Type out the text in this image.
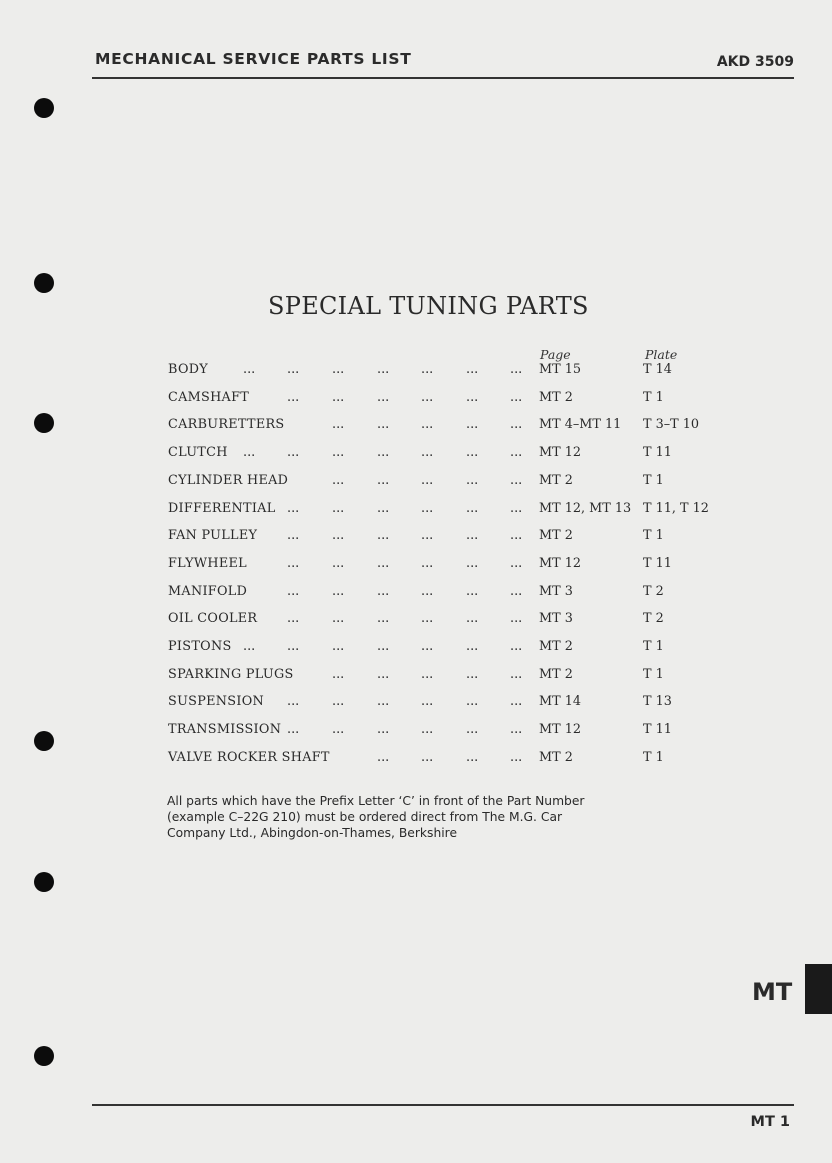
MECHANICAL SERVICE PARTS LIST	AKD 3509
SPECIAL TUNING PARTS
Page	Plate
BODY	... ...	...	... ...	... ... MT 15	T 14
CAMSHAFT	...	...	... ...	... ... MT 2	T 1
CARBURETTERS	...	... ...	... ... MT 4–MT 11 T 3–T 10
CLUTCH ... ...	...	... ...	... ... MT 12	T 11
CYLINDER HEAD	...	... ...	... ... MT 2	T 1
DIFFERENTIAL ...	...	... ...	... ... MT 12, MT 13 T 11, T 12
FAN PULLEY ...	...	... ...	... ... MT 2	T 1
FLYWHEEL	...	...	... ...	... ... MT 12	T 11
MANIFOLD	...	...	... ...	... ... MT 3	T 2
OIL COOLER ...	...	... ...	... ... MT 3	T 2
PISTONS ... ...	...	... ...	... ... MT 2	T 1
SPARKING PLUGS	...	... ...	... ... MT 2	T 1
SUSPENSION ...	...	... ...	... ... MT 14	T 13
TRANSMISSION ...	...	... ...	... ... MT 12	T 11
VALVE ROCKER SHAFT	... ...	... ... MT 2	T 1
All parts which have the Prefix Letter ‘C’ in front of the Part Number
(example C–22G 210) must be ordered direct from The M.G. Car
Company Ltd., Abingdon-on-Thames, Berkshire
MT
MT 1
